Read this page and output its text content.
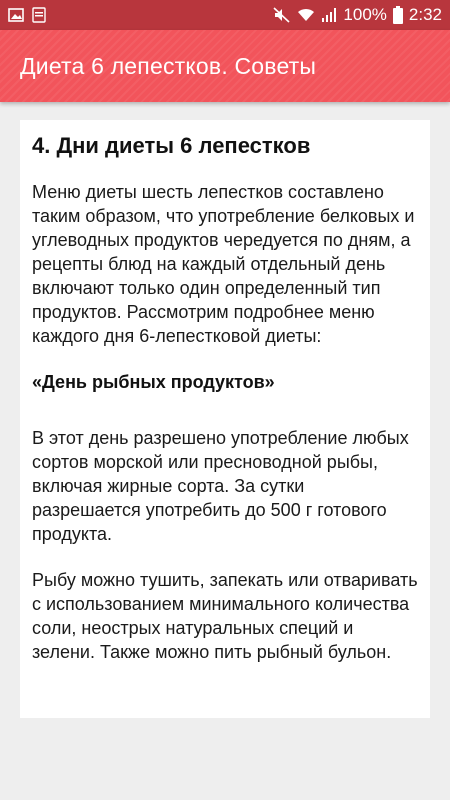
100% 2:32
Диета 6 лепестков. Советы
4. Дни диеты 6 лепестков
Меню диеты шесть лепестков составлено таким образом, что употребление белковых и углеводных продуктов чередуется по дням, а рецепты блюд на каждый отдельный день включают только один определенный тип продуктов. Рассмотрим подробнее меню каждого дня 6-лепестковой диеты:
«День рыбных продуктов»
В этот день разрешено употребление любых сортов морской или пресноводной рыбы, включая жирные сорта. За сутки разрешается употребить до 500 г готового продукта.
Рыбу можно тушить, запекать или отваривать с использованием минимального количества соли, неострых натуральных специй и зелени. Также можно пить рыбный бульон.
